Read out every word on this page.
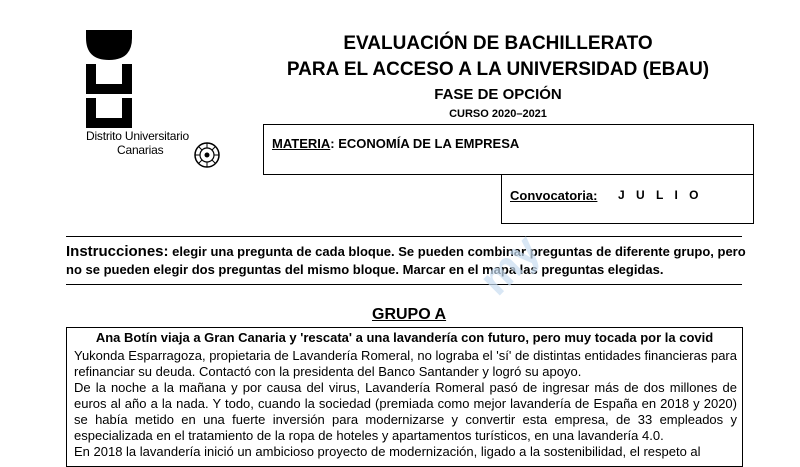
Distrito Universitario
Canarias
EVALUACIÓN DE BACHILLERATO
PARA EL ACCESO A LA UNIVERSIDAD (EBAU)
FASE DE OPCIÓN
CURSO 2020–2021
MATERIA: ECONOMÍA DE LA EMPRESA
Convocatoria: J U L I O
Instrucciones: elegir una pregunta de cada bloque. Se pueden combinar preguntas de diferente grupo, pero no se pueden elegir dos preguntas del mismo bloque. Marcar en el mapa las preguntas elegidas.
my
GRUPO A
Ana Botín viaja a Gran Canaria y 'rescata' a una lavandería con futuro, pero muy tocada por la covid

Yukonda Esparragoza, propietaria de Lavandería Romeral, no lograba el 'sí' de distintas entidades financieras para refinanciar su deuda. Contactó con la presidenta del Banco Santander y logró su apoyo.

De la noche a la mañana y por causa del virus, Lavandería Romeral pasó de ingresar más de dos millones de euros al año a la nada. Y todo, cuando la sociedad (premiada como mejor lavandería de España en 2018 y 2020) se había metido en una fuerte inversión para modernizarse y convertir esta empresa, de 33 empleados y especializada en el tratamiento de la ropa de hoteles y apartamentos turísticos, en una lavandería 4.0.

En 2018 la lavandería inició un ambicioso proyecto de modernización, ligado a la sostenibilidad, el respeto al
